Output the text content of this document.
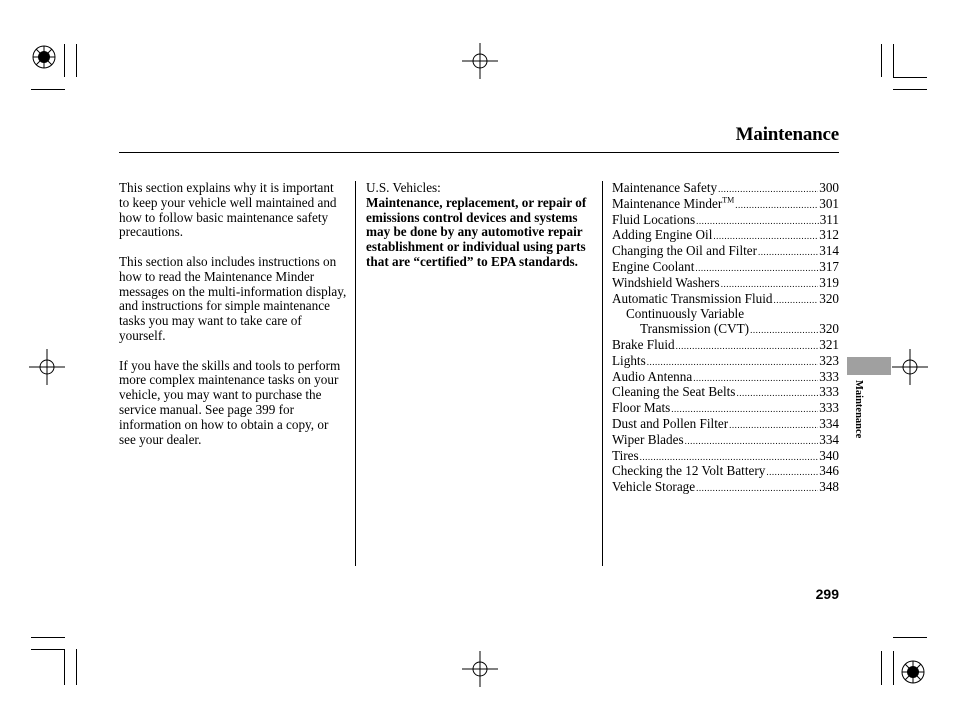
Maintenance

This section explains why it is important to keep your vehicle well maintained and how to follow basic maintenance safety precautions.

This section also includes instructions on how to read the Maintenance Minder messages on the multi-information display, and instructions for simple maintenance tasks you may want to take care of yourself.

If you have the skills and tools to perform more complex maintenance tasks on your vehicle, you may want to purchase the service manual. See page 399 for information on how to obtain a copy, or see your dealer.

U.S. Vehicles:
Maintenance, replacement, or repair of emissions control devices and systems may be done by any automotive repair establishment or individual using parts that are “certified” to EPA standards.
Maintenance Safety .....	300
Maintenance Minder™ .....	301
Fluid Locations .....	311
Adding Engine Oil .....	312
Changing the Oil and Filter .....	314
Engine Coolant .....	317
Windshield Washers .....	319
Automatic Transmission Fluid .....	320
Continuously Variable
Transmission (CVT) .....	320
Brake Fluid .....	321
Lights .....	323
Audio Antenna .....	333
Cleaning the Seat Belts .....	333
Floor Mats .....	333
Dust and Pollen Filter .....	334
Wiper Blades .....	334
Tires .....	340
Checking the 12 Volt Battery .....	346
Vehicle Storage .....	348
Maintenance
299
